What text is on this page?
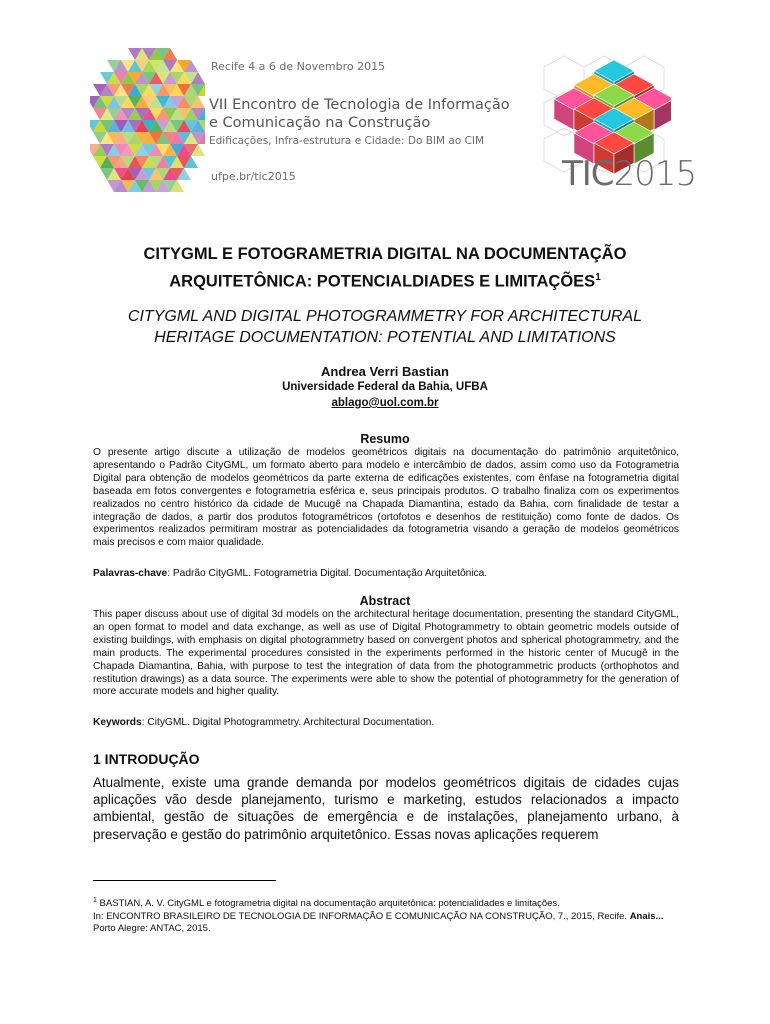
Recife 4 a 6 de Novembro 2015
VII Encontro de Tecnologia de Informação
e Comunicação na Construção
Edificações, Infra-estrutura e Cidade: Do BIM ao CIM
ufpe.br/tic2015	TIC2015
CITYGML E FOTOGRAMETRIA DIGITAL NA DOCUMENTAÇÃO
ARQUITETÔNICA: POTENCIALDIADES E LIMITAÇÕES$^1$
CITYGML AND DIGITAL PHOTOGRAMMETRY FOR ARCHITECTURAL
HERITAGE DOCUMENTATION: POTENTIAL AND LIMITATIONS
Andrea Verri Bastian
Universidade Federal da Bahia, UFBA
ablago@uol.com.br
Resumo
O presente artigo discute a utilização de modelos geométricos digitais na documentação do patrimônio arquitetônico, apresentando o Padrão CityGML, um formato aberto para modelo e intercâmbio de dados, assim como uso da Fotogrametria Digital para obtenção de modelos geométricos da parte externa de edificações existentes, com ênfase na fotogrametria digital baseada em fotos convergentes e fotogrametria esférica e, seus principais produtos. O trabalho finaliza com os experimentos realizados no centro histórico da cidade de Mucugê na Chapada Diamantina, estado da Bahia, com finalidade de testar a integração de dados, a partir dos produtos fotogramétricos (ortofotos e desenhos de restituição) como fonte de dados. Os experimentos realizados permitiram mostrar as potencialidades da fotogrametria visando a geração de modelos geométricos mais precisos e com maior qualidade.
Palavras-chave: Padrão CityGML. Fotogrametria Digital. Documentação Arquitetônica.
Abstract
This paper discuss about use of digital 3d models on the architectural heritage documentation, presenting the standard CityGML, an open format to model and data exchange, as well as use of Digital Photogrammetry to obtain geometric models outside of existing buildings, with emphasis on digital photogrammetry based on convergent photos and spherical photogrammetry, and the main products. The experimental procedures consisted in the experiments performed in the historic center of Mucugê in the Chapada Diamantina, Bahia, with purpose to test the integration of data from the photogrammetric products (orthophotos and restitution drawings) as a data source. The experiments were able to show the potential of photogrammetry for the generation of more accurate models and higher quality.
Keywords: CityGML. Digital Photogrammetry. Architectural Documentation.
1 INTRODUÇÃO
Atualmente, existe uma grande demanda por modelos geométricos digitais de cidades cujas aplicações vão desde planejamento, turismo e marketing, estudos relacionados a impacto ambiental, gestão de situações de emergência e de instalações, planejamento urbano, à preservação e gestão do patrimônio arquitetônico. Essas novas aplicações requerem
$^1$ BASTIAN, A. V. CityGML e fotogrametria digital na documentação arquitetônica: potencialidades e limitações.
In: ENCONTRO BRASILEIRO DE TECNOLOGIA DE INFORMAÇÃO E COMUNICAÇÃO NA CONSTRUÇÃO, 7., 2015, Recife. Anais... Porto Alegre: ANTAC, 2015.
